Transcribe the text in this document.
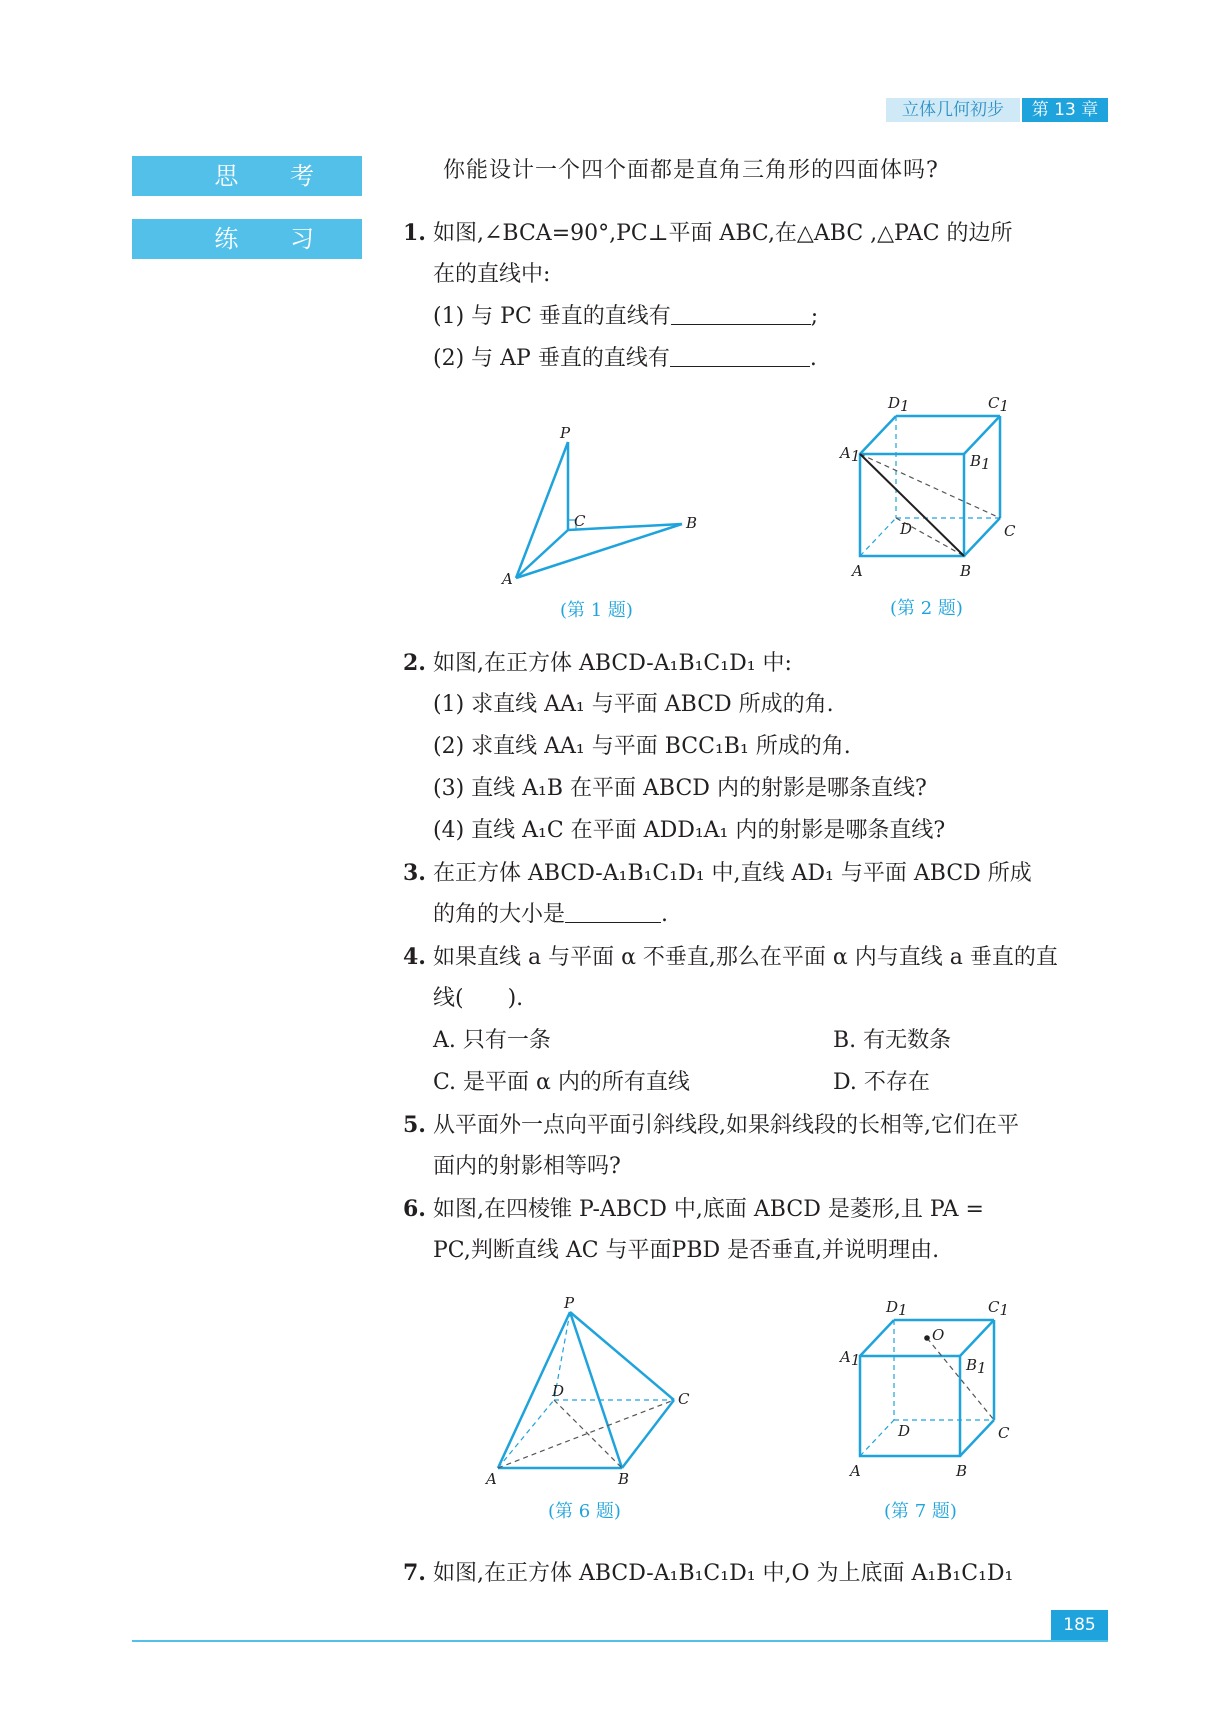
立体几何初步	第 13 章
思 考
练 习
你能设计一个四个面都是直角三角形的四面体吗?
1. 如图,∠BCA=90°,PC⊥平面 ABC,在△ABC ,△PAC 的边所
在的直线中:
(1) 与 PC 垂直的直线有	;
(2) 与 AP 垂直的直线有	.
P
C	B
A
(第 1 题)
D1	C1
A1	B1
D	C
A	B
(第 2 题)
2. 如图,在正方体 ABCD-A₁B₁C₁D₁ 中:
(1) 求直线 AA₁ 与平面 ABCD 所成的角.
(2) 求直线 AA₁ 与平面 BCC₁B₁ 所成的角.
(3) 直线 A₁B 在平面 ABCD 内的射影是哪条直线?
(4) 直线 A₁C 在平面 ADD₁A₁ 内的射影是哪条直线?
3. 在正方体 ABCD-A₁B₁C₁D₁ 中,直线 AD₁ 与平面 ABCD 所成
的角的大小是	.
4. 如果直线 a 与平面 α 不垂直,那么在平面 α 内与直线 a 垂直的直
线(　　).
A. 只有一条	B. 有无数条
C. 是平面 α 内的所有直线	D. 不存在
5. 从平面外一点向平面引斜线段,如果斜线段的长相等,它们在平
面内的射影相等吗?
6. 如图,在四棱锥 P-ABCD 中,底面 ABCD 是菱形,且 PA =
PC,判断直线 AC 与平面PBD 是否垂直,并说明理由.
P
D	C
A	B
(第 6 题)
D1	C1
O
A1	B1
D	C
A	B
(第 7 题)
7. 如图,在正方体 ABCD-A₁B₁C₁D₁ 中,O 为上底面 A₁B₁C₁D₁
185
